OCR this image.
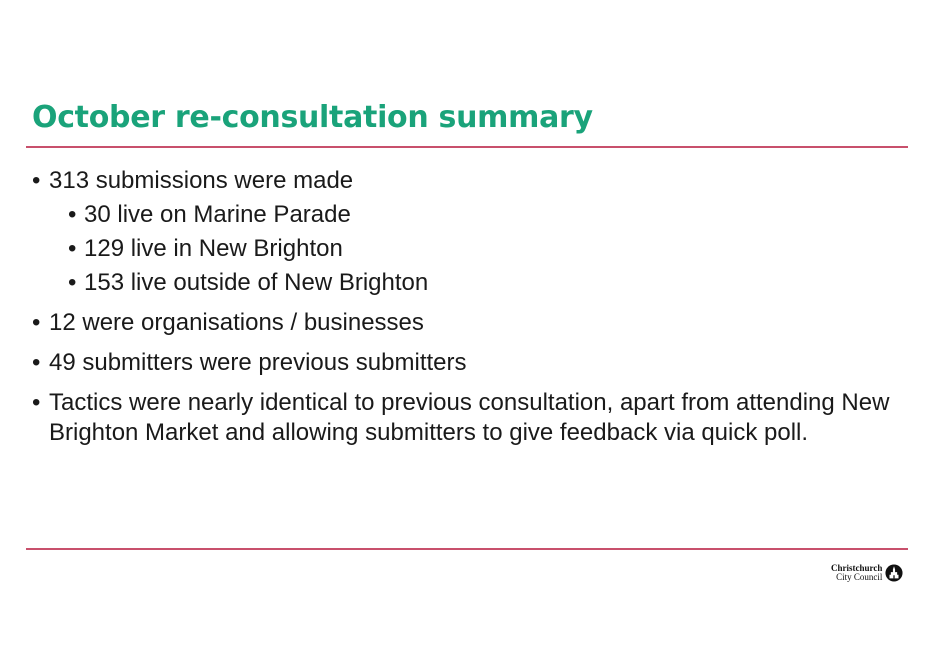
October re-consultation summary
• 313 submissions were made
• 30 live on Marine Parade
• 129 live in New Brighton
• 153 live outside of New Brighton
• 12 were organisations / businesses
• 49 submitters were previous submitters
• Tactics were nearly identical to previous consultation, apart from attending New Brighton Market and allowing submitters to give feedback via quick poll.
Christchurch
City Council
